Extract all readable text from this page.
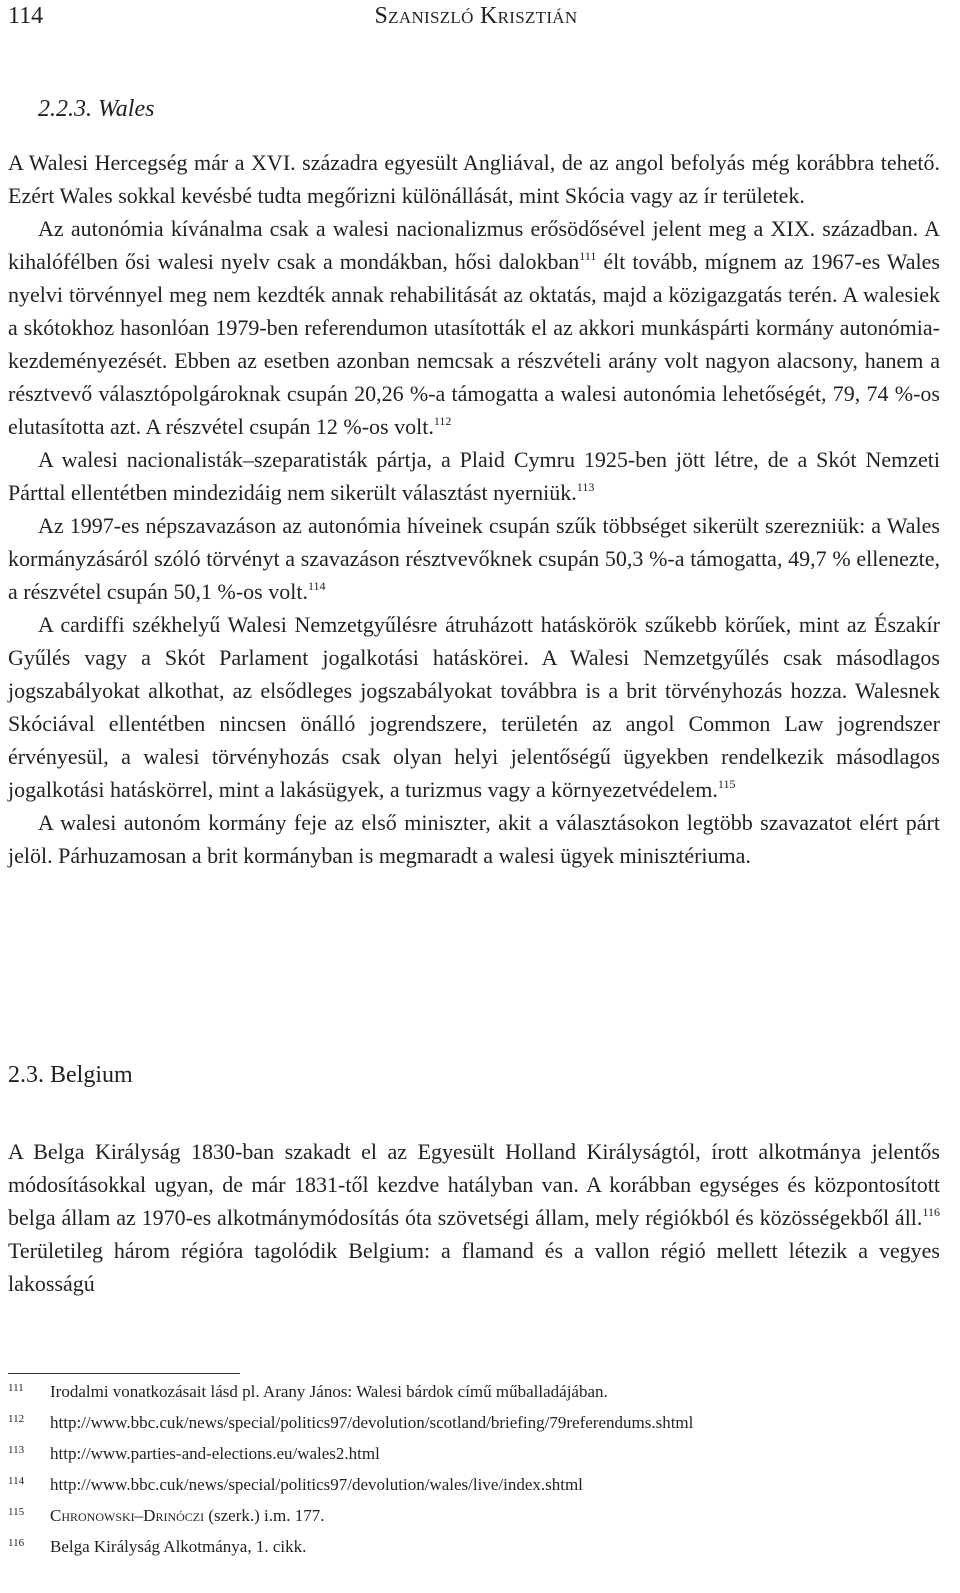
114	Szaniszló Krisztián
2.2.3. Wales

A Walesi Hercegség már a XVI. századra egyesült Angliával, de az angol befolyás még korábbra tehető. Ezért Wales sokkal kevésbé tudta megőrizni különállását, mint Skócia vagy az ír területek.

Az autonómia kívánalma csak a walesi nacionalizmus erősödősével jelent meg a XIX. században. A kihalófélben ősi walesi nyelv csak a mondákban, hősi dalokban$^{111}$ élt tovább, mígnem az 1967-es Wales nyelvi törvénnyel meg nem kezdték annak rehabilitását az oktatás, majd a közigazgatás terén. A walesiek a skótokhoz hasonlóan 1979-ben referendumon utasították el az akkori munkáspárti kormány autonómia-kezdeményezését. Ebben az esetben azonban nemcsak a részvételi arány volt nagyon alacsony, hanem a résztvevő választópolgároknak csupán 20,26 %-a támogatta a walesi autonómia lehetőségét, 79, 74 %-os elutasította azt. A részvétel csupán 12 %-os volt.$^{112}$

A walesi nacionalisták–szeparatisták pártja, a Plaid Cymru 1925-ben jött létre, de a Skót Nemzeti Párttal ellentétben mindezidáig nem sikerült választást nyerniük.$^{113}$

Az 1997-es népszavazáson az autonómia híveinek csupán szűk többséget sikerült szerezniük: a Wales kormányzásáról szóló törvényt a szavazáson résztvevőknek csupán 50,3 %-a támogatta, 49,7 % ellenezte, a részvétel csupán 50,1 %-os volt.$^{114}$

A cardiffi székhelyű Walesi Nemzetgyűlésre átruházott hatáskörök szűkebb körűek, mint az Északír Gyűlés vagy a Skót Parlament jogalkotási hatáskörei. A Walesi Nemzetgyűlés csak másodlagos jogszabályokat alkothat, az elsődleges jogszabályokat továbbra is a brit törvényhozás hozza. Walesnek Skóciával ellentétben nincsen önálló jogrendszere, területén az angol Common Law jogrendszer érvényesül, a walesi törvényhozás csak olyan helyi jelentőségű ügyekben rendelkezik másodlagos jogalkotási hatáskörrel, mint a lakásügyek, a turizmus vagy a környezetvédelem.$^{115}$

A walesi autonóm kormány feje az első miniszter, akit a választásokon legtöbb szavazatot elért párt jelöl. Párhuzamosan a brit kormányban is megmaradt a walesi ügyek minisztériuma.

2.3. Belgium

A Belga Királyság 1830-ban szakadt el az Egyesült Holland Királyságtól, írott alkotmánya jelentős módosításokkal ugyan, de már 1831-től kezdve hatályban van. A korábban egységes és központosított belga állam az 1970-es alkotmánymódosítás óta szövetségi állam, mely régiókból és közösségekből áll.$^{116}$ Területileg három régióra tagolódik Belgium: a flamand és a vallon régió mellett létezik a vegyes lakosságú

111 Irodalmi vonatkozásait lásd pl. Arany János: Walesi bárdok című műballadájában.
112 http://www.bbc.cuk/news/special/politics97/devolution/scotland/briefing/79referendums.shtml
113 http://www.parties-and-elections.eu/wales2.html
114 http://www.bbc.cuk/news/special/politics97/devolution/wales/live/index.shtml
115 Chronowski–Drinóczi (szerk.) i.m. 177.
116 Belga Királyság Alkotmánya, 1. cikk.
